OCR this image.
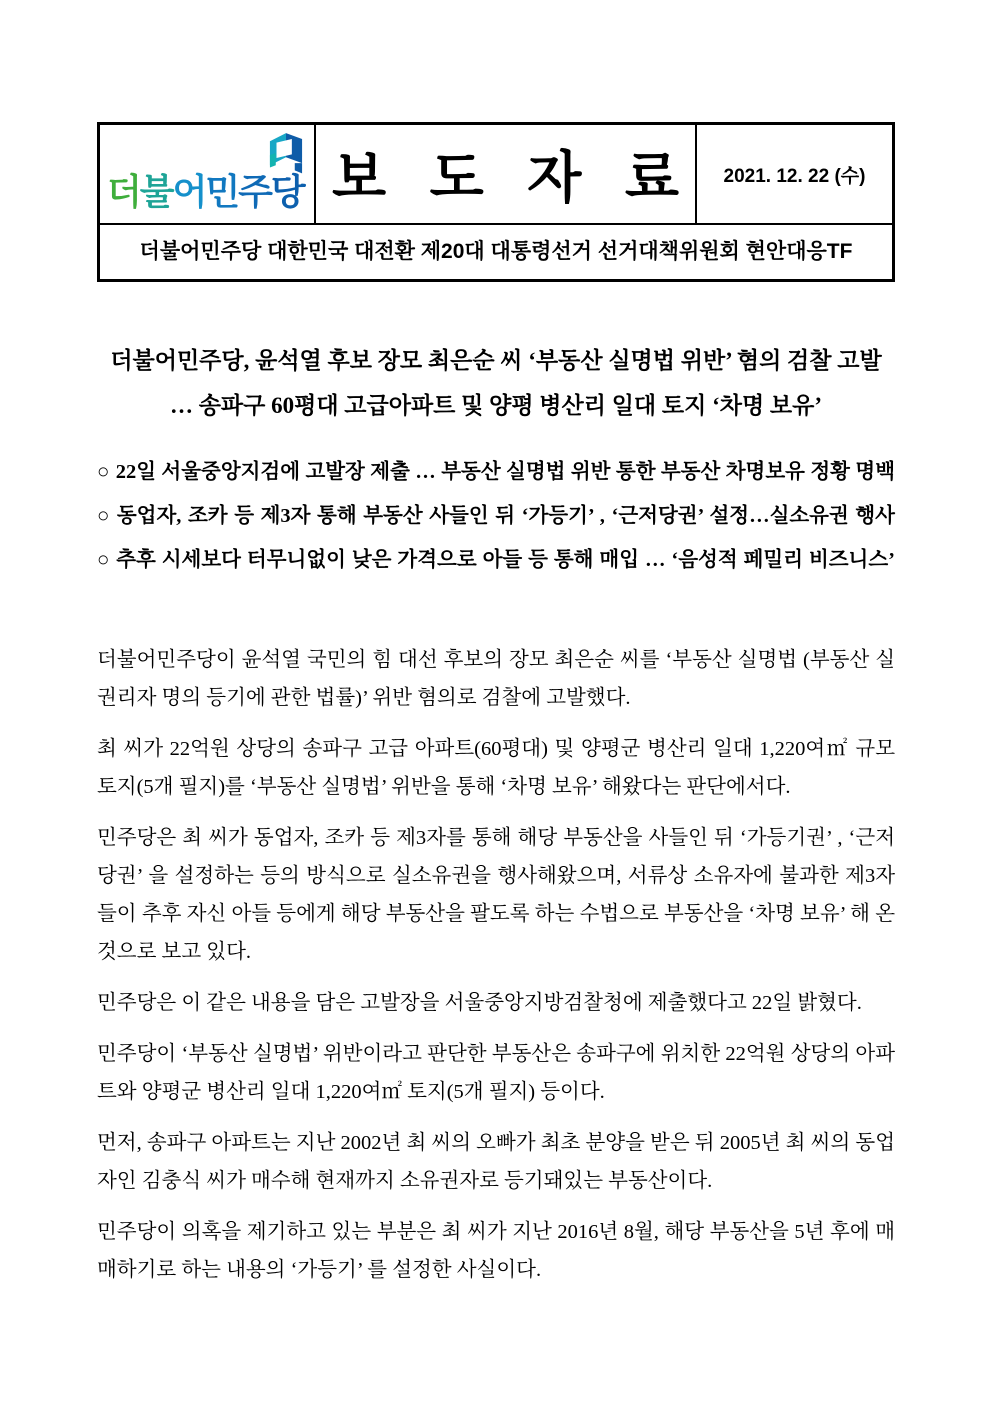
더불어민주당 보 도 자 료	2021. 12. 22 (수)
더불어민주당 대한민국 대전환 제20대 대통령선거 선거대책위원회 현안대응TF
더불어민주당, 윤석열 후보 장모 최은순 씨 ‘부동산 실명법 위반’ 혐의 검찰 고발
… 송파구 60평대 고급아파트 및 양평 병산리 일대 토지 ‘차명 보유’
○ 22일 서울중앙지검에 고발장 제출 … 부동산 실명법 위반 통한 부동산 차명보유 정황 명백
○ 동업자, 조카 등 제3자 통해 부동산 사들인 뒤 ‘가등기’ , ‘근저당권’ 설정…실소유권 행사
○ 추후 시세보다 터무니없이 낮은 가격으로 아들 등 통해 매입 … ‘음성적 페밀리 비즈니스’

더불어민주당이 윤석열 국민의 힘 대선 후보의 장모 최은순 씨를 ‘부동산 실명법 (부동산 실권리자 명의 등기에 관한 법률)’ 위반 혐의로 검찰에 고발했다.

최 씨가 22억원 상당의 송파구 고급 아파트(60평대) 및 양평군 병산리 일대 1,220여㎡ 규모 토지(5개 필지)를 ‘부동산 실명법’ 위반을 통해 ‘차명 보유’ 해왔다는 판단에서다.

민주당은 최 씨가 동업자, 조카 등 제3자를 통해 해당 부동산을 사들인 뒤 ‘가등기권’ , ‘근저당권’ 을 설정하는 등의 방식으로 실소유권을 행사해왔으며, 서류상 소유자에 불과한 제3자들이 추후 자신 아들 등에게 해당 부동산을 팔도록 하는 수법으로 부동산을 ‘차명 보유’ 해 온 것으로 보고 있다.

민주당은 이 같은 내용을 담은 고발장을 서울중앙지방검찰청에 제출했다고 22일 밝혔다.

민주당이 ‘부동산 실명법’ 위반이라고 판단한 부동산은 송파구에 위치한 22억원 상당의 아파트와 양평군 병산리 일대 1,220여㎡ 토지(5개 필지) 등이다.

먼저, 송파구 아파트는 지난 2002년 최 씨의 오빠가 최초 분양을 받은 뒤 2005년 최 씨의 동업자인 김충식 씨가 매수해 현재까지 소유권자로 등기돼있는 부동산이다.

민주당이 의혹을 제기하고 있는 부분은 최 씨가 지난 2016년 8월, 해당 부동산을 5년 후에 매매하기로 하는 내용의 ‘가등기’ 를 설정한 사실이다.
